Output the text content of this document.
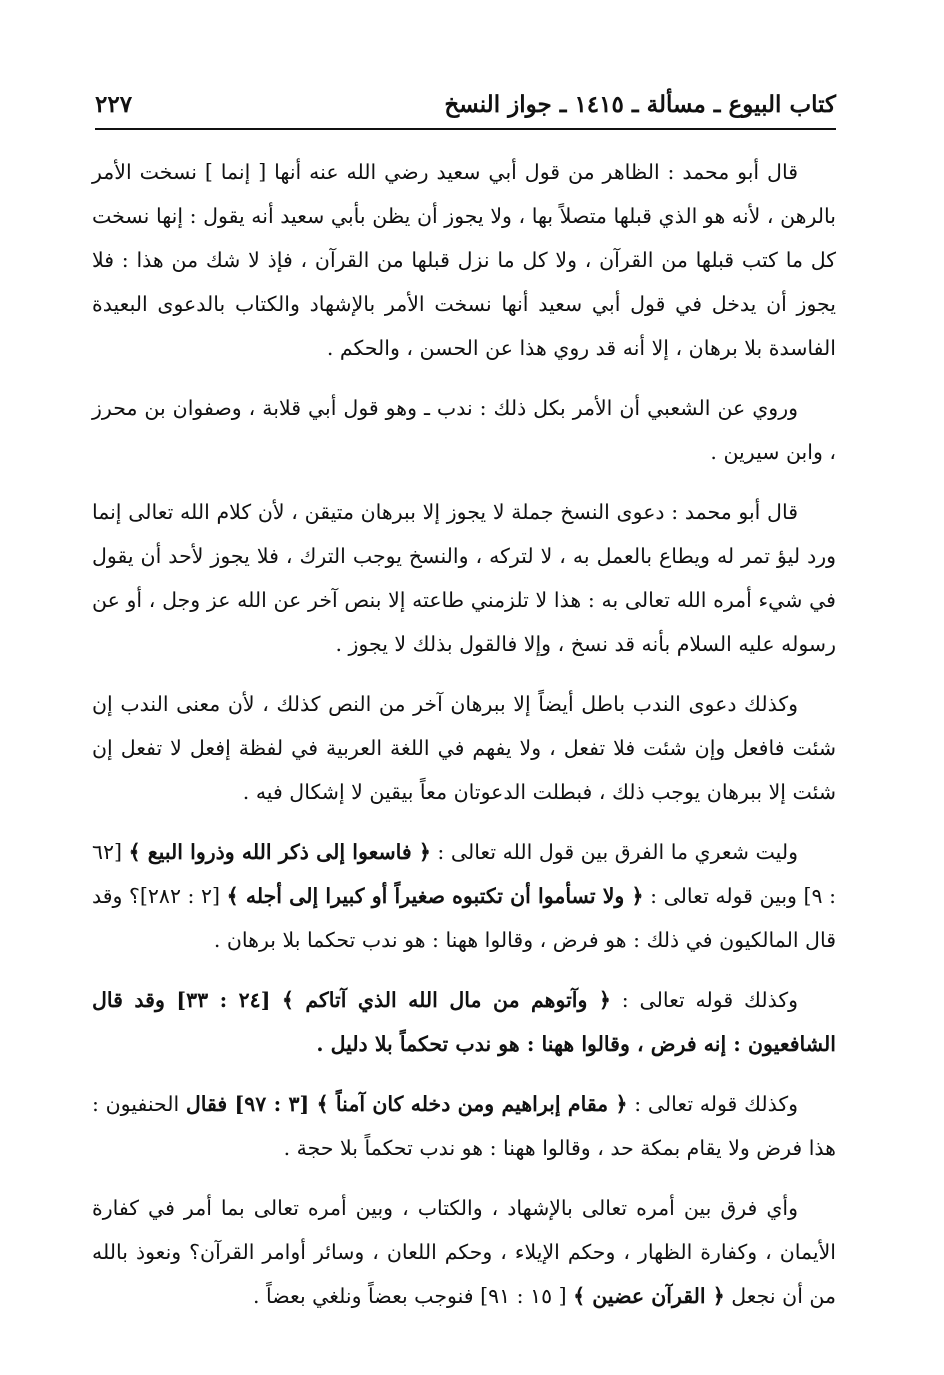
كتاب البيوع ـ مسألة ـ ١٤١٥ ـ جواز النسخ
٢٢٧

قال أبو محمد : الظاهر من قول أبي سعيد رضي الله عنه أنها [ إنما ] نسخت الأمر بالرهن ، لأنه هو الذي قبلها متصلاً بها ، ولا يجوز أن يظن بأبي سعيد أنه يقول : إنها نسخت كل ما كتب قبلها من القرآن ، ولا كل ما نزل قبلها من القرآن ، فإذ لا شك من هذا : فلا يجوز أن يدخل في قول أبي سعيد أنها نسخت الأمر بالإشهاد والكتاب بالدعوى البعيدة الفاسدة بلا برهان ، إلا أنه قد روي هذا عن الحسن ، والحكم .

وروي عن الشعبي أن الأمر بكل ذلك : ندب ـ وهو قول أبي قلابة ، وصفوان بن محرز ، وابن سيرين .

قال أبو محمد : دعوى النسخ جملة لا يجوز إلا ببرهان متيقن ، لأن كلام الله تعالى إنما ورد ليؤ تمر له ويطاع بالعمل به ، لا لتركه ، والنسخ يوجب الترك ، فلا يجوز لأحد أن يقول في شيء أمره الله تعالى به : هذا لا تلزمني طاعته إلا بنص آخر عن الله عز وجل ، أو عن رسوله عليه السلام بأنه قد نسخ ، وإلا فالقول بذلك لا يجوز .

وكذلك دعوى الندب باطل أيضاً إلا ببرهان آخر من النص كذلك ، لأن معنى الندب إن شئت فافعل وإن شئت فلا تفعل ، ولا يفهم في اللغة العربية في لفظة إفعل لا تفعل إن شئت إلا ببرهان يوجب ذلك ، فبطلت الدعوتان معاً بيقين لا إشكال فيه .

وليت شعري ما الفرق بين قول الله تعالى : ﴿ فاسعوا إلى ذكر الله وذروا البيع ﴾ [٦٢ : ٩] وبين قوله تعالى : ﴿ ولا تسأموا أن تكتبوه صغيراً أو كبيرا إلى أجله ﴾ [٢ : ٢٨٢]؟ وقد قال المالكيون في ذلك : هو فرض ، وقالوا ههنا : هو ندب تحكما بلا برهان .

وكذلك قوله تعالى : ﴿ وآتوهم من مال الله الذي آتاكم ﴾ [٢٤ : ٣٣] وقد قال الشافعيون : إنه فرض ، وقالوا ههنا : هو ندب تحكماً بلا دليل .

وكذلك قوله تعالى : ﴿ مقام إبراهيم ومن دخله كان آمناً ﴾ [٣ : ٩٧] فقال الحنفيون : هذا فرض ولا يقام بمكة حد ، وقالوا ههنا : هو ندب تحكماً بلا حجة .

وأي فرق بين أمره تعالى بالإشهاد ، والكتاب ، وبين أمره تعالى بما أمر في كفارة الأيمان ، وكفارة الظهار ، وحكم الإيلاء ، وحكم اللعان ، وسائر أوامر القرآن؟ ونعوذ بالله من أن نجعل ﴿ القرآن عضين ﴾ [ ١٥ : ٩١] فنوجب بعضاً ونلغي بعضاً .
